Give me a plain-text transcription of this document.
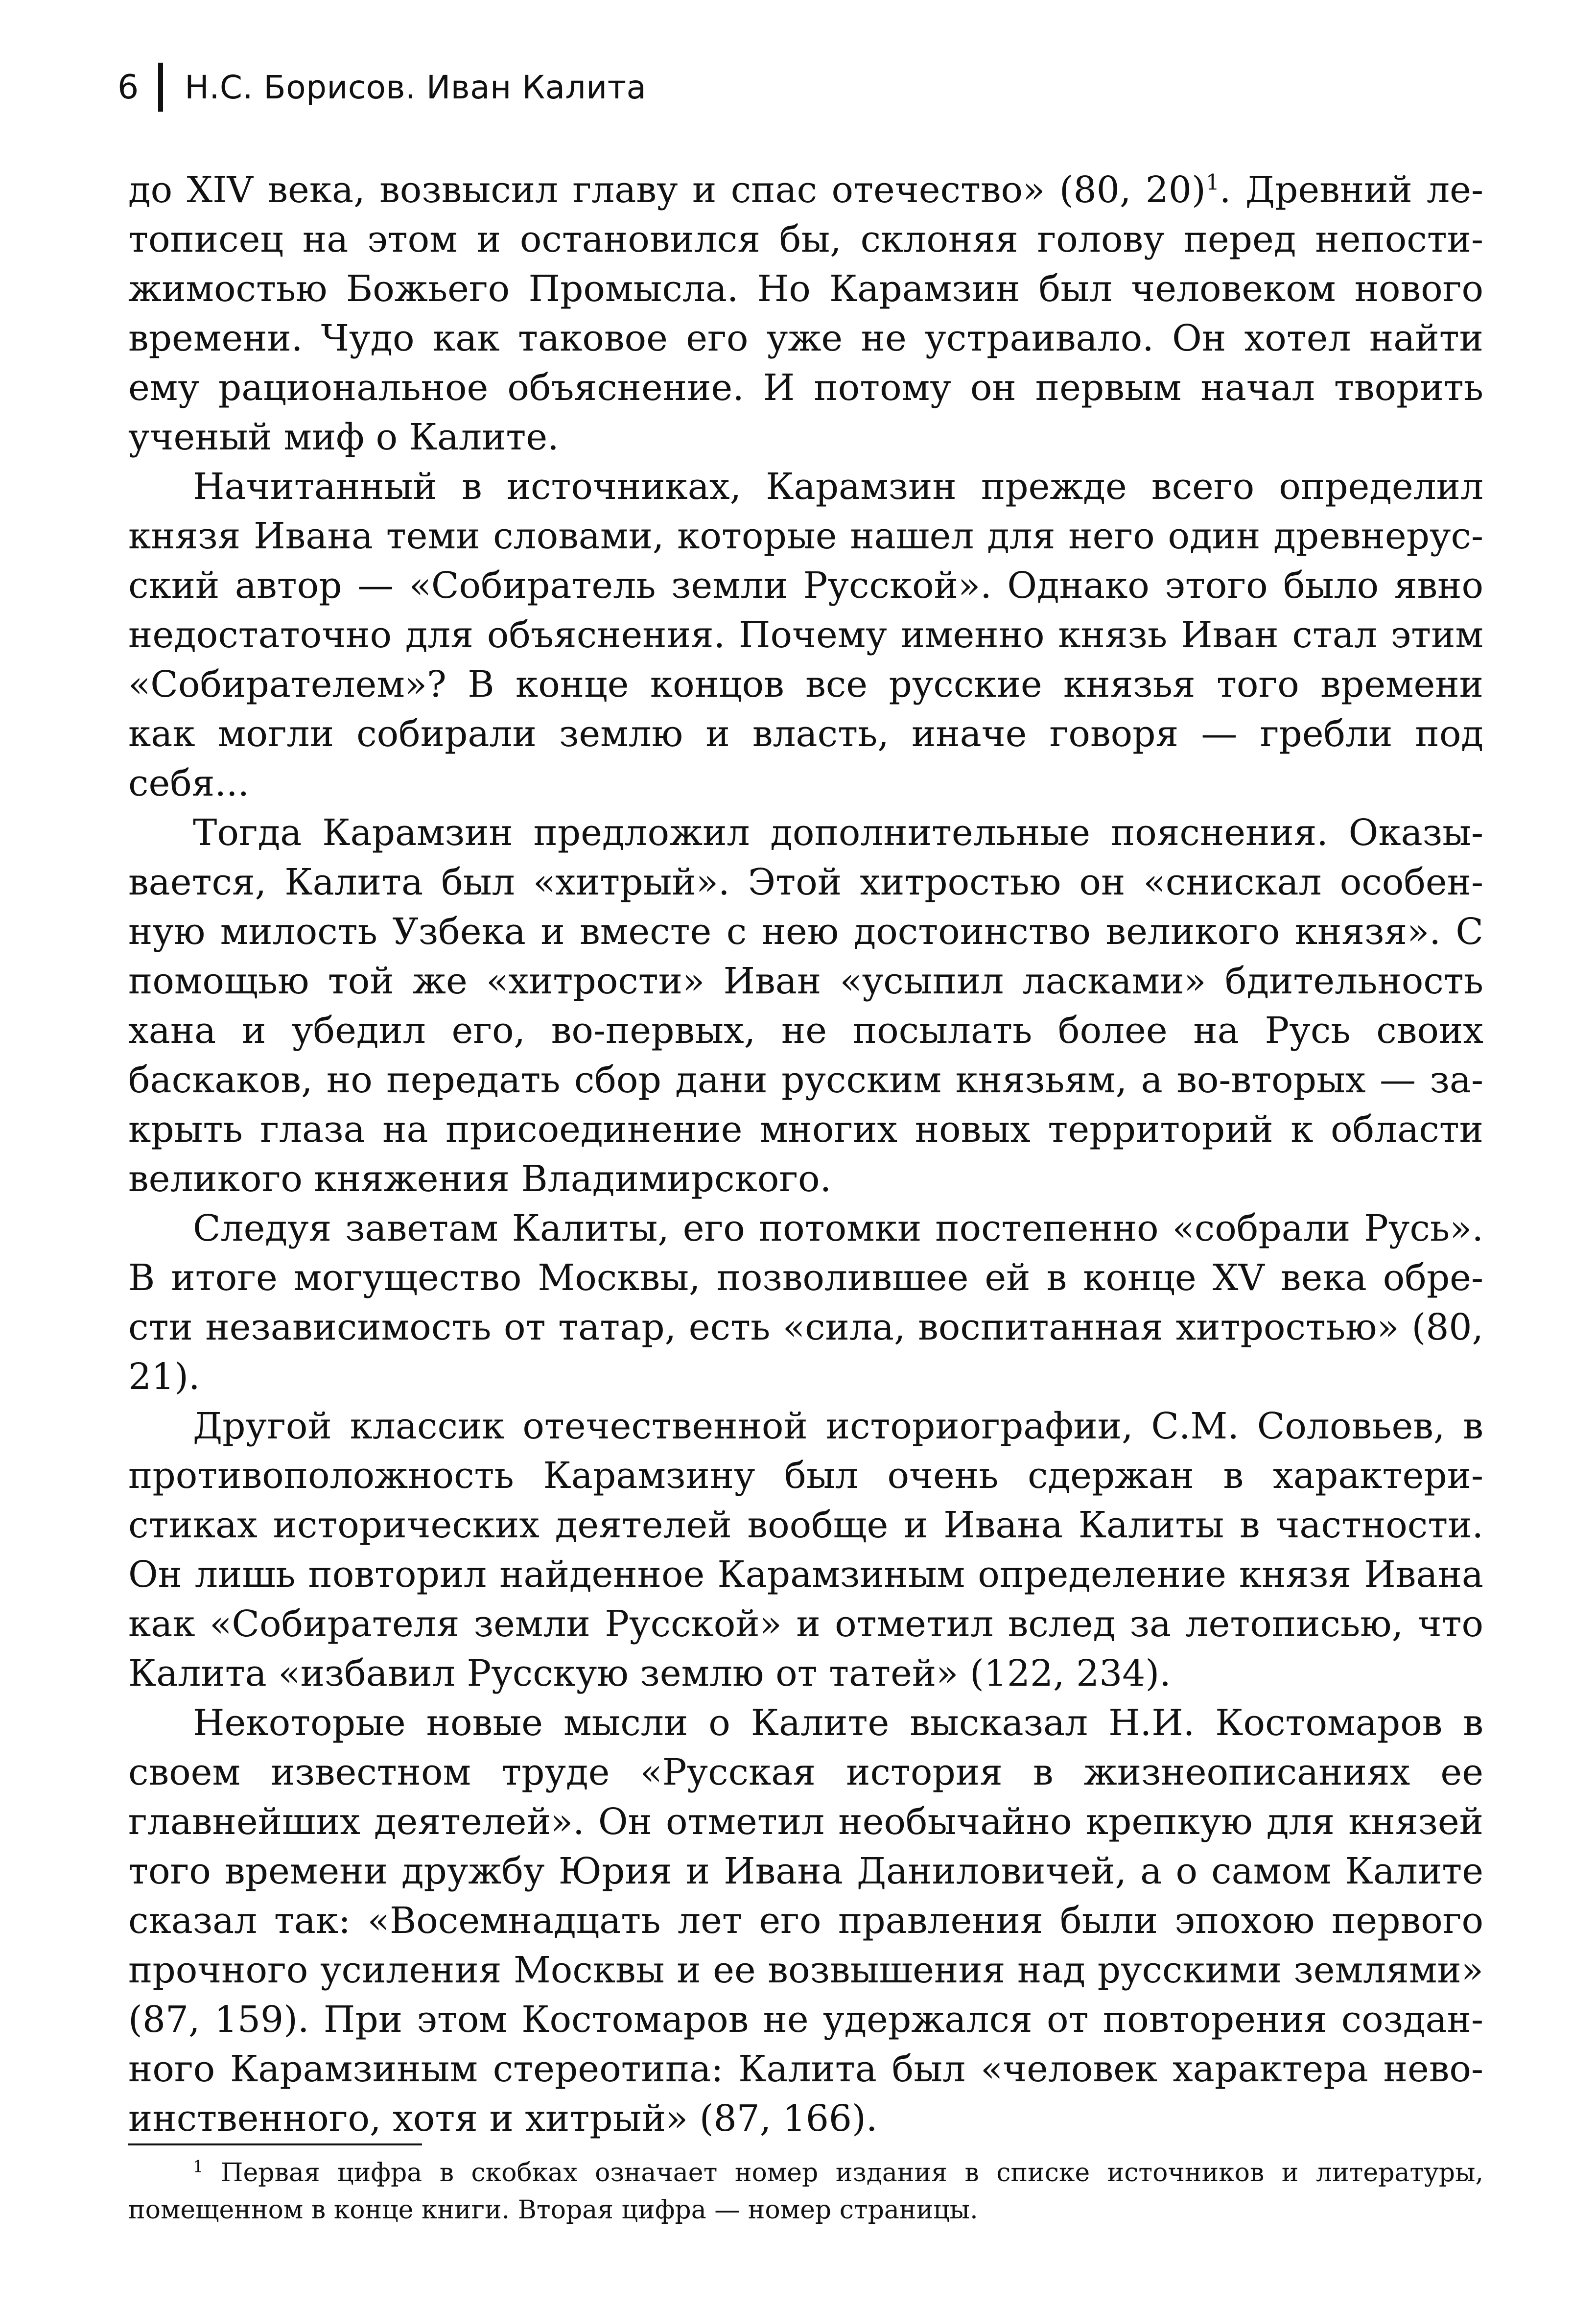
6 Н.С. Борисов. Иван Калита

до XIV века, возвысил главу и спас отечество» (80, 20)$^1$. Древний летописец на этом и остановился бы, склоняя голову перед непостижимостью Божьего Промысла. Но Карамзин был человеком нового времени. Чудо как таковое его уже не устраивало. Он хотел найти ему рациональное объяснение. И потому он первым начал творить ученый миф о Калите.

Начитанный в источниках, Карамзин прежде всего определил князя Ивана теми словами, которые нашел для него один древнерусский автор — «Собиратель земли Русской». Однако этого было явно недостаточно для объяснения. Почему именно князь Иван стал этим «Собирателем»? В конце концов все русские князья того времени как могли собирали землю и власть, иначе говоря — гребли под себя...

Тогда Карамзин предложил дополнительные пояснения. Оказывается, Калита был «хитрый». Этой хитростью он «снискал особенную милость Узбека и вместе с нею достоинство великого князя». С помощью той же «хитрости» Иван «усыпил ласками» бдительность хана и убедил его, во-первых, не посылать более на Русь своих баскаков, но передать сбор дани русским князьям, а во-вторых — закрыть глаза на присоединение многих новых территорий к области великого княжения Владимирского.

Следуя заветам Калиты, его потомки постепенно «собрали Русь». В итоге могущество Москвы, позволившее ей в конце XV века обрести независимость от татар, есть «сила, воспитанная хитростью» (80, 21).

Другой классик отечественной историографии, С.М. Соловьев, в противоположность Карамзину был очень сдержан в характеристиках исторических деятелей вообще и Ивана Калиты в частности. Он лишь повторил найденное Карамзиным определение князя Ивана как «Собирателя земли Русской» и отметил вслед за летописью, что Калита «избавил Русскую землю от татей» (122, 234).

Некоторые новые мысли о Калите высказал Н.И. Костомаров в своем известном труде «Русская история в жизнеописаниях ее главнейших деятелей». Он отметил необычайно крепкую для князей того времени дружбу Юрия и Ивана Даниловичей, а о самом Калите сказал так: «Восемнадцать лет его правления были эпохою первого прочного усиления Москвы и ее возвышения над русскими землями» (87, 159). При этом Костомаров не удержался от повторения созданного Карамзиным стереотипа: Калита был «человек характера невоинственного, хотя и хитрый» (87, 166).

$^1$ Первая цифра в скобках означает номер издания в списке источников и литературы, помещенном в конце книги. Вторая цифра — номер страницы.
